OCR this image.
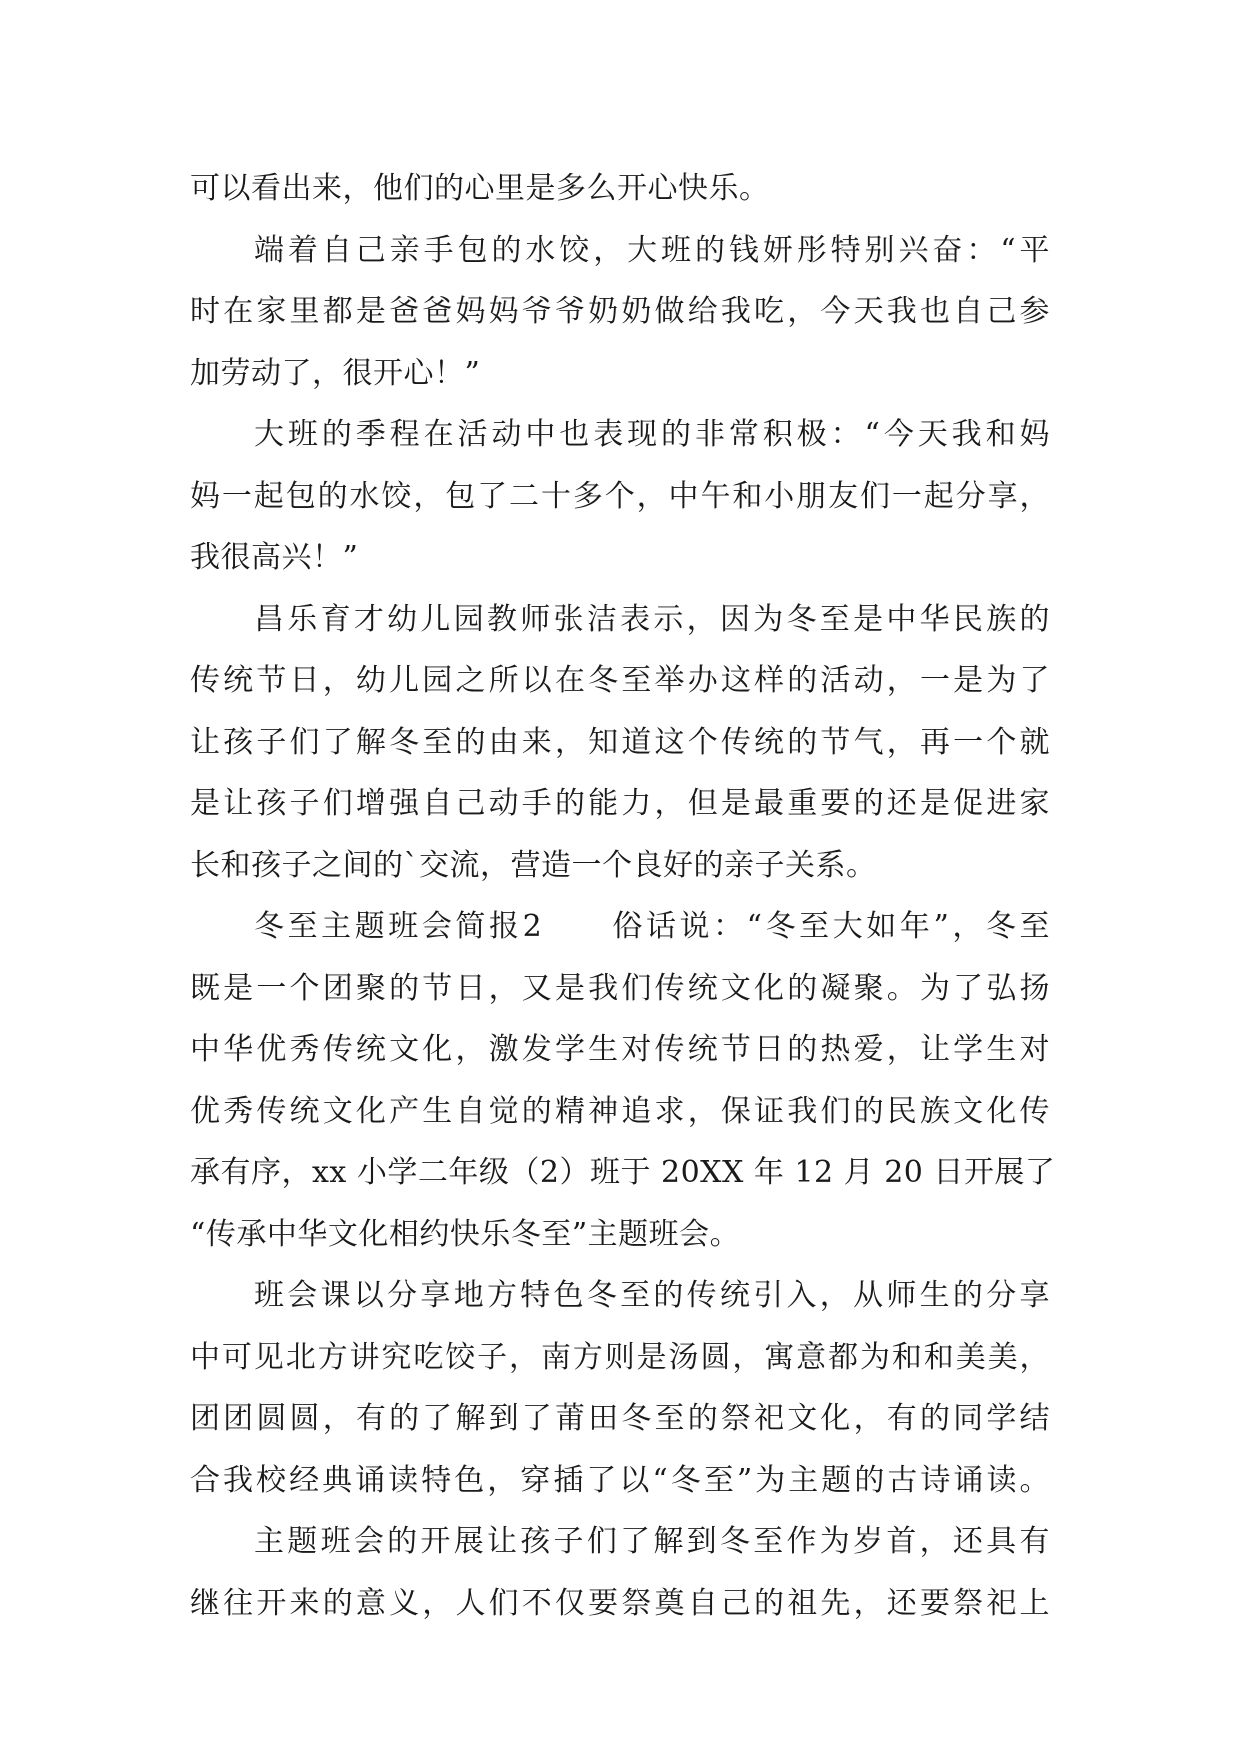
可以看出来，他们的心里是多么开心快乐。
端着自己亲手包的水饺，大班的钱妍彤特别兴奋：“平
时在家里都是爸爸妈妈爷爷奶奶做给我吃，今天我也自己参
加劳动了，很开心！”
大班的季程在活动中也表现的非常积极：“今天我和妈
妈一起包的水饺，包了二十多个，中午和小朋友们一起分享，
我很高兴！”
昌乐育才幼儿园教师张洁表示，因为冬至是中华民族的
传统节日，幼儿园之所以在冬至举办这样的活动，一是为了
让孩子们了解冬至的由来，知道这个传统的节气，再一个就
是让孩子们增强自己动手的能力，但是最重要的还是促进家
长和孩子之间的`交流，营造一个良好的亲子关系。
冬至主题班会简报2　　俗话说：“冬至大如年”，冬至
既是一个团聚的节日，又是我们传统文化的凝聚。为了弘扬
中华优秀传统文化，激发学生对传统节日的热爱，让学生对
优秀传统文化产生自觉的精神追求，保证我们的民族文化传
承有序，xx 小学二年级（2）班于 20XX 年 12 月 20 日开展了
“传承中华文化相约快乐冬至”主题班会。
班会课以分享地方特色冬至的传统引入，从师生的分享
中可见北方讲究吃饺子，南方则是汤圆，寓意都为和和美美，
团团圆圆，有的了解到了莆田冬至的祭祀文化，有的同学结
合我校经典诵读特色，穿插了以“冬至”为主题的古诗诵读。
主题班会的开展让孩子们了解到冬至作为岁首，还具有
继往开来的意义，人们不仅要祭奠自己的祖先，还要祭祀上
